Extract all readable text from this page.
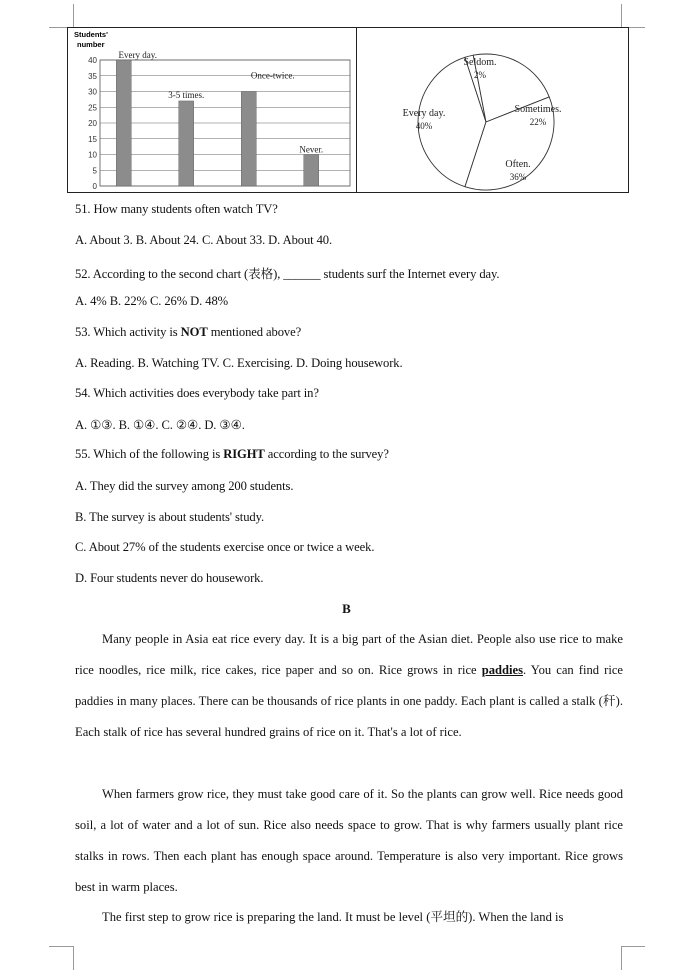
Students'
number
0
5
10
15
20
25
30
35
40
Every day.
3-5 times.
Once-twice.
Never.
Every day.
40%
Seldom.
2%
Sometimes.
22%
Often.
36%
51. How many students often watch TV?
A. About 3. B. About 24. C. About 33. D. About 40.
52. According to the second chart (表格), ______ students surf the Internet every day.
A. 4% B. 22% C. 26% D. 48%
53. Which activity is NOT mentioned above?
A. Reading. B. Watching TV. C. Exercising. D. Doing housework.
54. Which activities does everybody take part in?
A. ①③. B. ①④. C. ②④. D. ③④.
55. Which of the following is RIGHT according to the survey?
A. They did the survey among 200 students.
B. The survey is about students' study.
C. About 27% of the students exercise once or twice a week.
D. Four students never do housework.
B

Many people in Asia eat rice every day. It is a big part of the Asian diet. People also use rice to make rice noodles, rice milk, rice cakes, rice paper and so on. Rice grows in rice paddies. You can find rice paddies in many places. There can be thousands of rice plants in one paddy. Each plant is called a stalk (秆). Each stalk of rice has several hundred grains of rice on it. That's a lot of rice.

When farmers grow rice, they must take good care of it. So the plants can grow well. Rice needs good soil, a lot of water and a lot of sun. Rice also needs space to grow. That is why farmers usually plant rice stalks in rows. Then each plant has enough space around. Temperature is also very important. Rice grows best in warm places.

The first step to grow rice is preparing the land. It must be level (平坦的). When the land is
